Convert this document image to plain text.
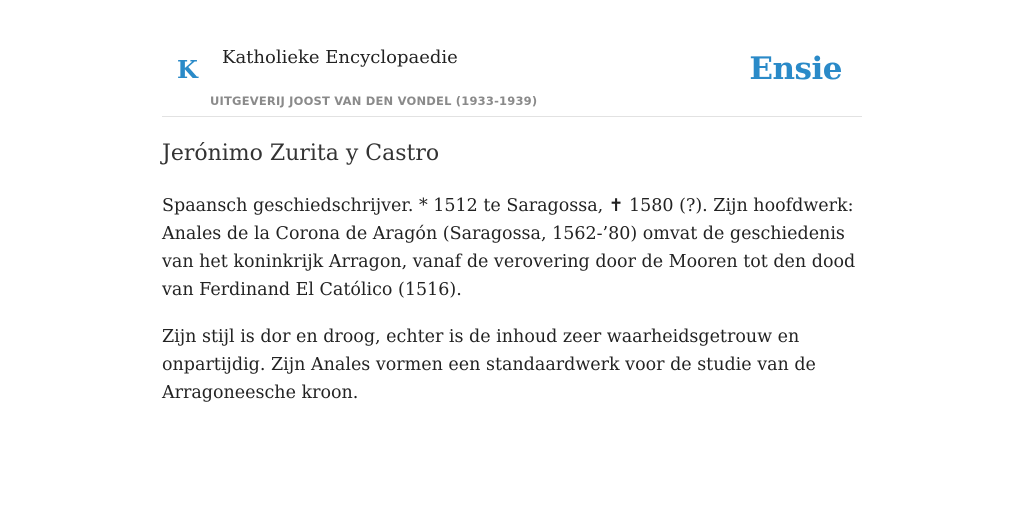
K Katholieke Encyclopaedie
UITGEVERIJ JOOST VAN DEN VONDEL (1933-1939)
Ensie
Jerónimo Zurita y Castro

Spaansch geschiedschrijver. * 1512 te Saragossa, ✝ 1580 (?). Zijn hoofdwerk: Anales de la Corona de Aragón (Saragossa, 1562-’80) omvat de geschiedenis van het koninkrijk Arragon, vanaf de verovering door de Mooren tot den dood van Ferdinand El Católico (1516).

Zijn stijl is dor en droog, echter is de inhoud zeer waarheidsgetrouw en onpartijdig. Zijn Anales vormen een standaardwerk voor de studie van de Arragoneesche kroon.
